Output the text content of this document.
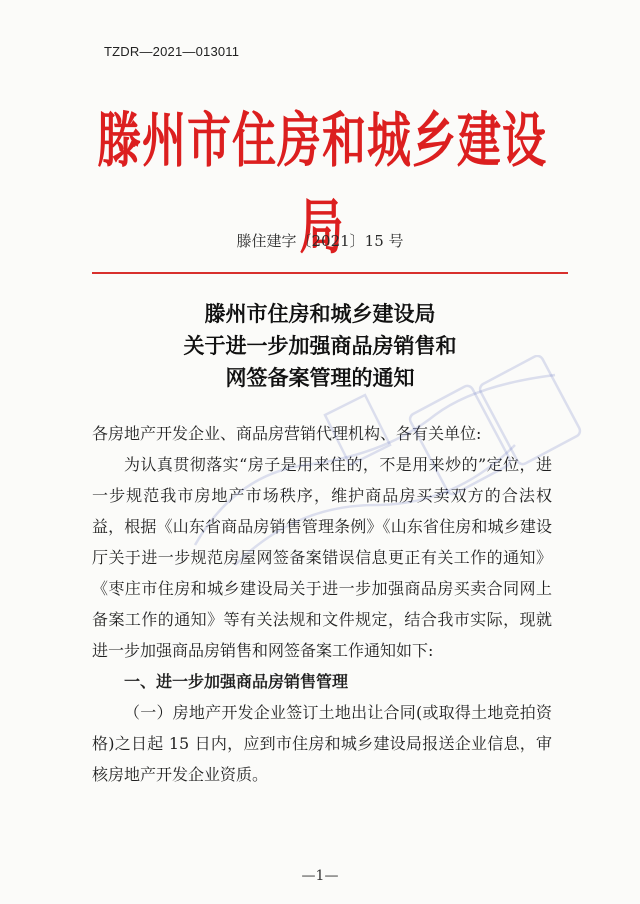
TZDR—2021—013011
滕州市住房和城乡建设局
滕住建字〔2021〕15 号
滕州市住房和城乡建设局
关于进一步加强商品房销售和
网签备案管理的通知

各房地产开发企业、商品房营销代理机构、各有关单位:

为认真贯彻落实“房子是用来住的，不是用来炒的”定位，进一步规范我市房地产市场秩序，维护商品房买卖双方的合法权益，根据《山东省商品房销售管理条例》《山东省住房和城乡建设厅关于进一步规范房屋网签备案错误信息更正有关工作的通知》《枣庄市住房和城乡建设局关于进一步加强商品房买卖合同网上备案工作的通知》等有关法规和文件规定，结合我市实际，现就进一步加强商品房销售和网签备案工作通知如下:

一、进一步加强商品房销售管理

（一）房地产开发企业签订土地出让合同(或取得土地竞拍资格)之日起 15 日内，应到市住房和城乡建设局报送企业信息，审核房地产开发企业资质。

—1—
